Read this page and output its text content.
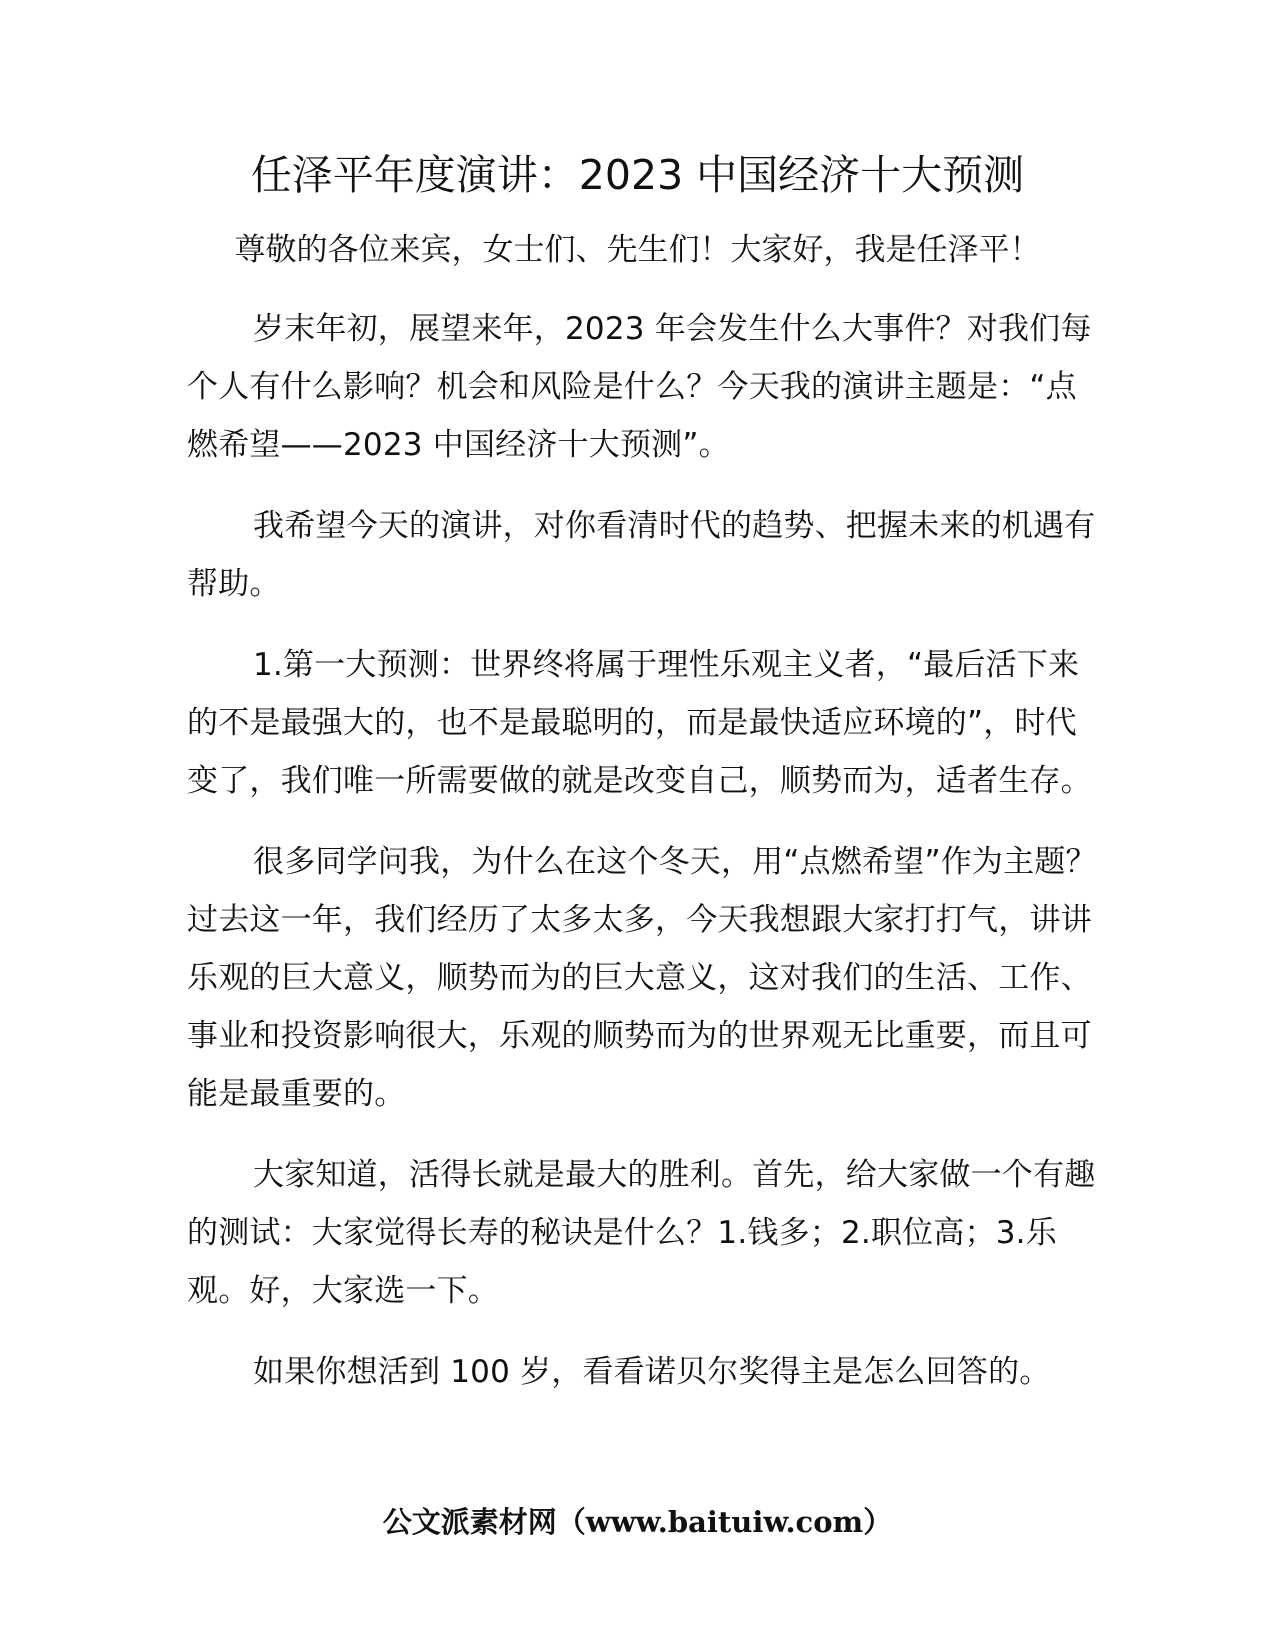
任泽平年度演讲：2023 中国经济十大预测

尊敬的各位来宾，女士们、先生们！大家好，我是任泽平！

岁末年初，展望来年，2023 年会发生什么大事件？对我们每个人有什么影响？机会和风险是什么？今天我的演讲主题是：“点燃希望——2023 中国经济十大预测”。

我希望今天的演讲，对你看清时代的趋势、把握未来的机遇有帮助。

1.第一大预测：世界终将属于理性乐观主义者，“最后活下来的不是最强大的，也不是最聪明的，而是最快适应环境的”，时代变了，我们唯一所需要做的就是改变自己，顺势而为，适者生存。

很多同学问我，为什么在这个冬天，用“点燃希望”作为主题？过去这一年，我们经历了太多太多，今天我想跟大家打打气，讲讲乐观的巨大意义，顺势而为的巨大意义，这对我们的生活、工作、事业和投资影响很大，乐观的顺势而为的世界观无比重要，而且可能是最重要的。

大家知道，活得长就是最大的胜利。首先，给大家做一个有趣的测试：大家觉得长寿的秘诀是什么？1.钱多；2.职位高；3.乐观。好，大家选一下。

如果你想活到 100 岁，看看诺贝尔奖得主是怎么回答的。

公文派素材网（www.baituiw.com）
